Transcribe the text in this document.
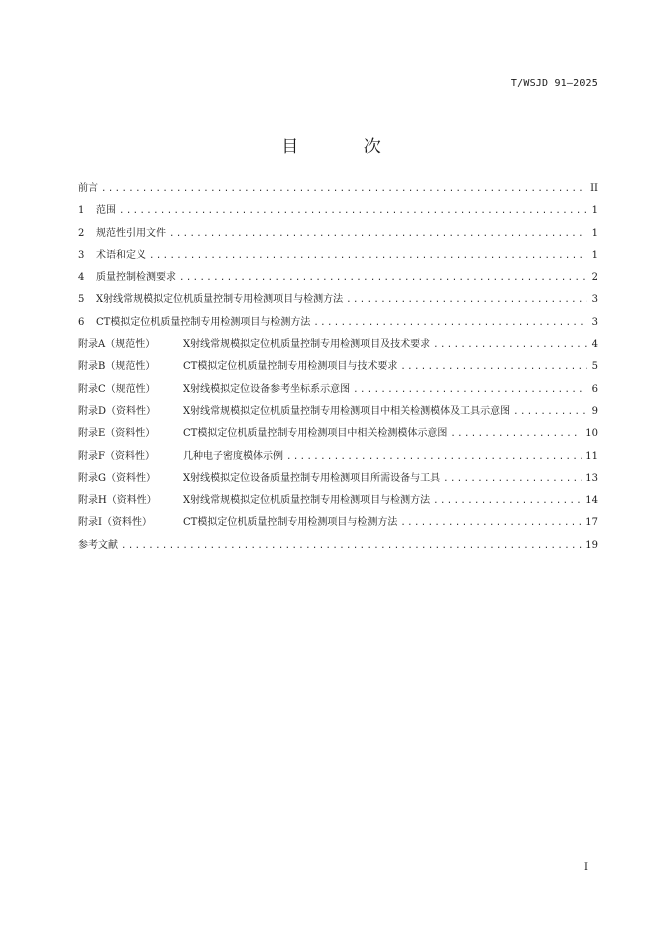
T/WSJD 91—2025
目 次
前言 .....	II
1	范围 .....	1
2	规范性引用文件 .....	1
3	术语和定义 .....	1
4	质量控制检测要求 .....	2
5	X射线常规模拟定位机质量控制专用检测项目与检测方法 .....	3
6	CT模拟定位机质量控制专用检测项目与检测方法 .....	3
附录A（规范性）	X射线常规模拟定位机质量控制专用检测项目及技术要求 .....	4
附录B（规范性）	CT模拟定位机质量控制专用检测项目与技术要求 .....	5
附录C（规范性）	X射线模拟定位设备参考坐标系示意图 .....	6
附录D（资料性）	X射线常规模拟定位机质量控制专用检测项目中相关检测模体及工具示意图 .....	9
附录E（资料性）	CT模拟定位机质量控制专用检测项目中相关检测模体示意图 .....	10
附录F（资料性）	几种电子密度模体示例 .....	11
附录G（资料性）	X射线模拟定位设备质量控制专用检测项目所需设备与工具 .....	13
附录H（资料性）	X射线常规模拟定位机质量控制专用检测项目与检测方法 .....	14
附录I（资料性）	CT模拟定位机质量控制专用检测项目与检测方法 .....	17
参考文献 .....	19
I
